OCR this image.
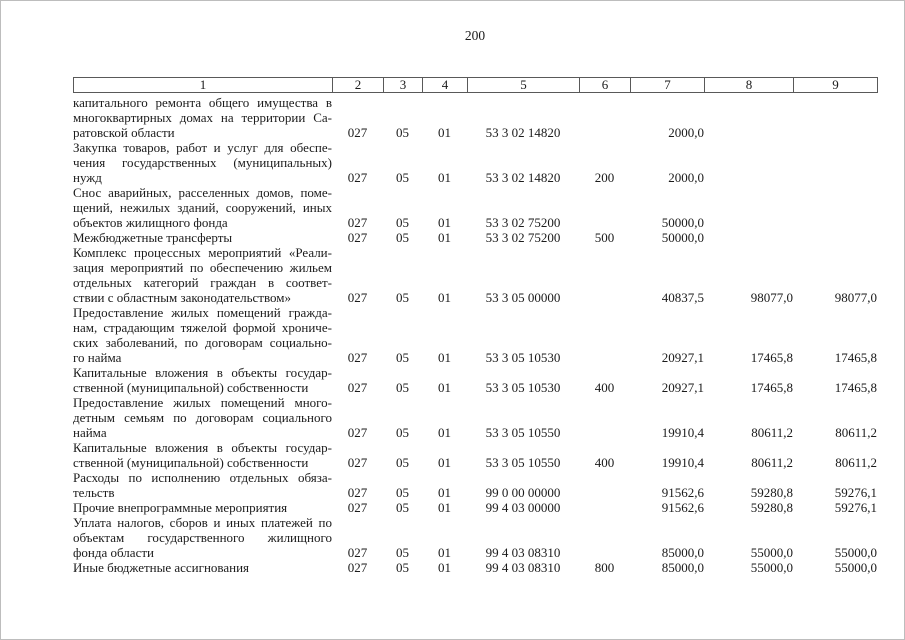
200
1	2	3	4	5	6	7	8	9
капитального ремонта общего имущества в
многоквартирных домах на территории Са-
ратовской области	027	05	01	53 3 02 14820		2000,0		

Закупка товаров, работ и услуг для обеспе-
чения государственных (муниципальных)
нужд	027	05	01	53 3 02 14820	200	2000,0		

Снос аварийных, расселенных домов, поме-
щений, нежилых зданий, сооружений, иных
объектов жилищного фонда	027	05	01	53 3 02 75200		50000,0		

Межбюджетные трансферты	027	05	01	53 3 02 75200	500	50000,0		

Комплекс процессных мероприятий «Реали-
зация мероприятий по обеспечению жильем
отдельных категорий граждан в соответ-
ствии с областным законодательством»	027	05	01	53 3 05 00000		40837,5	98077,0	98077,0

Предоставление жилых помещений гражда-
нам, страдающим тяжелой формой хрониче-
ских заболеваний, по договорам социально-
го найма	027	05	01	53 3 05 10530		20927,1	17465,8	17465,8

Капитальные вложения в объекты государ-
ственной (муниципальной) собственности	027	05	01	53 3 05 10530	400	20927,1	17465,8	17465,8

Предоставление жилых помещений много-
детным семьям по договорам социального
найма	027	05	01	53 3 05 10550		19910,4	80611,2	80611,2

Капитальные вложения в объекты государ-
ственной (муниципальной) собственности	027	05	01	53 3 05 10550	400	19910,4	80611,2	80611,2

Расходы по исполнению отдельных обяза-
тельств	027	05	01	99 0 00 00000		91562,6	59280,8	59276,1

Прочие внепрограммные мероприятия	027	05	01	99 4 03 00000		91562,6	59280,8	59276,1

Уплата налогов, сборов и иных платежей по
объектам государственного жилищного
фонда области	027	05	01	99 4 03 08310		85000,0	55000,0	55000,0

Иные бюджетные ассигнования	027	05	01	99 4 03 08310	800	85000,0	55000,0	55000,0
